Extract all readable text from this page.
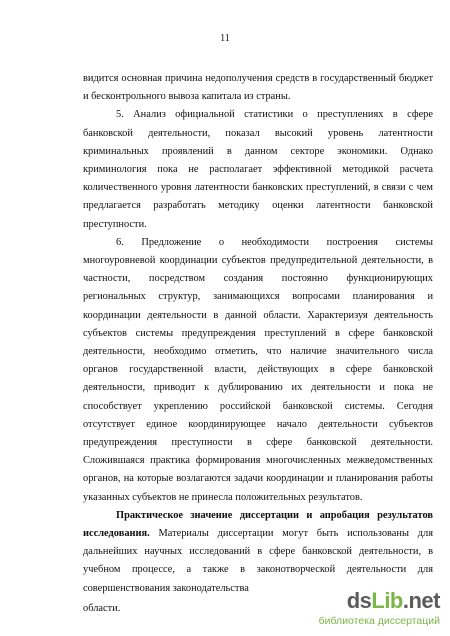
11

видится основная причина недополучения средств в государственный бюджет и бесконтрольного вывоза капитала из страны.

5. Анализ официальной статистики о преступлениях в сфере банковской деятельности, показал высокий уровень латентности криминальных проявлений в данном секторе экономики. Однако криминология пока не располагает эффективной методикой расчета количественного уровня латентности банковских преступлений, в связи с чем предлагается разработать методику оценки латентности банковской преступности.

6. Предложение о необходимости построения системы многоуровневой координации субъектов предупредительной деятельности, в частности, посредством создания постоянно функционирующих региональных структур, занимающихся вопросами планирования и координации деятельности в данной области. Характеризуя деятельность субъектов системы предупреждения преступлений в сфере банковской деятельности, необходимо отметить, что наличие значительного числа органов государственной власти, действующих в сфере банковской деятельности, приводит к дублированию их деятельности и пока не способствует укреплению российской банковской системы. Сегодня отсутствует единое координирующее начало деятельности субъектов предупреждения преступности в сфере банковской деятельности. Сложившаяся практика формирования многочисленных межведомственных органов, на которые возлагаются задачи координации и планирования работы указанных субъектов не принесла положительных результатов.

Практическое значение диссертации и апробация результатов исследования. Материалы диссертации могут быть использованы для дальнейших научных исследований в сфере банковской деятельности, в учебном процессе, а также в законотворческой деятельности для совершенствования законодательства

области.	dsLib.net
библиотека диссертаций
